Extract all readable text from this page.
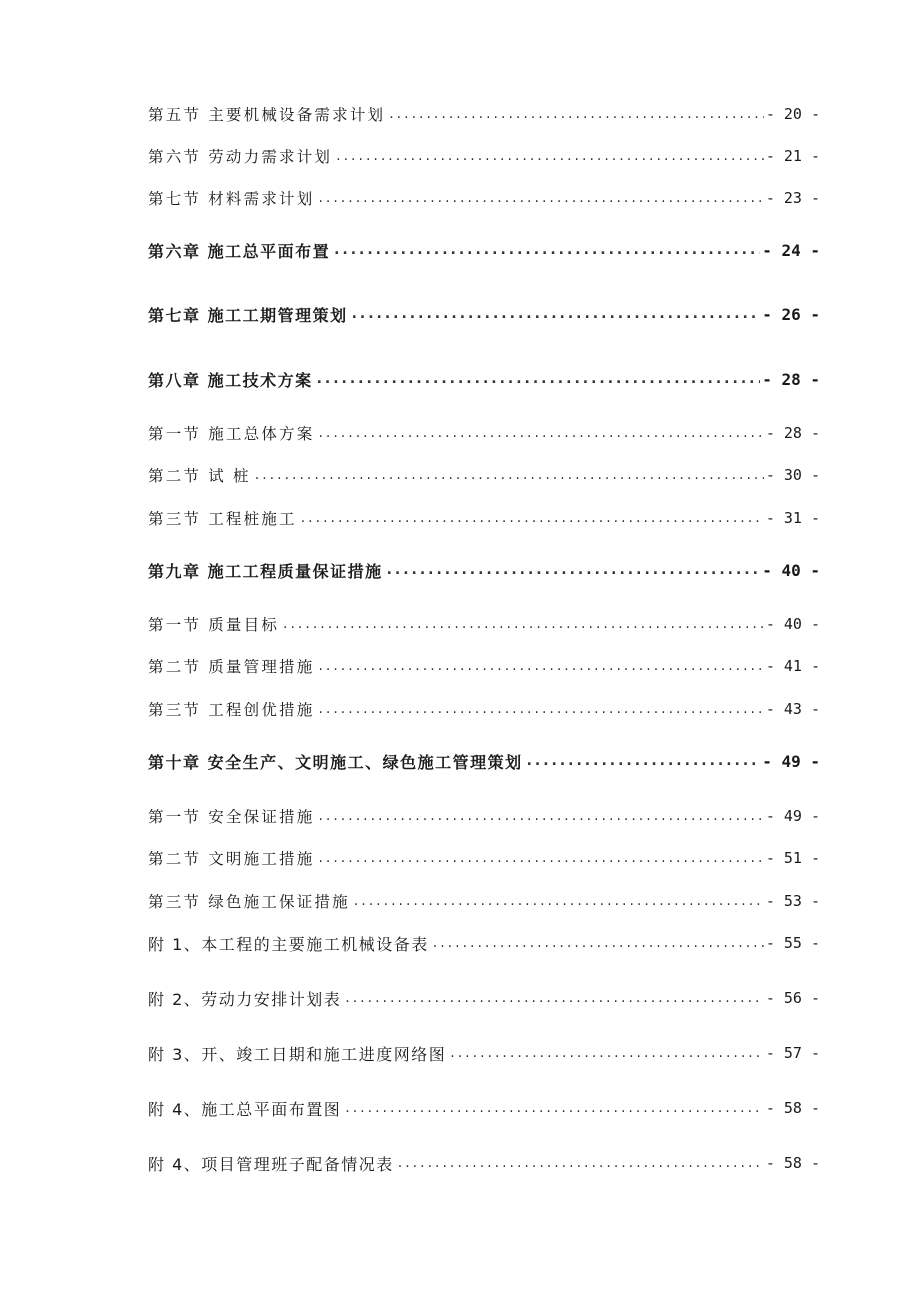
第五节 主要机械设备需求计划 .....	- 20 -
第六节 劳动力需求计划 .....	- 21 -
第七节 材料需求计划 .....	- 23 -
第六章 施工总平面布置 .....	- 24 -
第七章 施工工期管理策划 .....	- 26 -
第八章 施工技术方案 .....	- 28 -
第一节 施工总体方案 .....	- 28 -
第二节 试 桩 .....	- 30 -
第三节 工程桩施工 .....	- 31 -
第九章 施工工程质量保证措施 .....	- 40 -
第一节 质量目标 .....	- 40 -
第二节 质量管理措施 .....	- 41 -
第三节 工程创优措施 .....	- 43 -
第十章 安全生产、文明施工、绿色施工管理策划 .....	- 49 -
第一节 安全保证措施 .....	- 49 -
第二节 文明施工措施 .....	- 51 -
第三节 绿色施工保证措施 .....	- 53 -
附 1、本工程的主要施工机械设备表 .....	- 55 -
附 2、劳动力安排计划表 .....	- 56 -
附 3、开、竣工日期和施工进度网络图 .....	- 57 -
附 4、施工总平面布置图 .....	- 58 -
附 4、项目管理班子配备情况表 .....	- 58 -
